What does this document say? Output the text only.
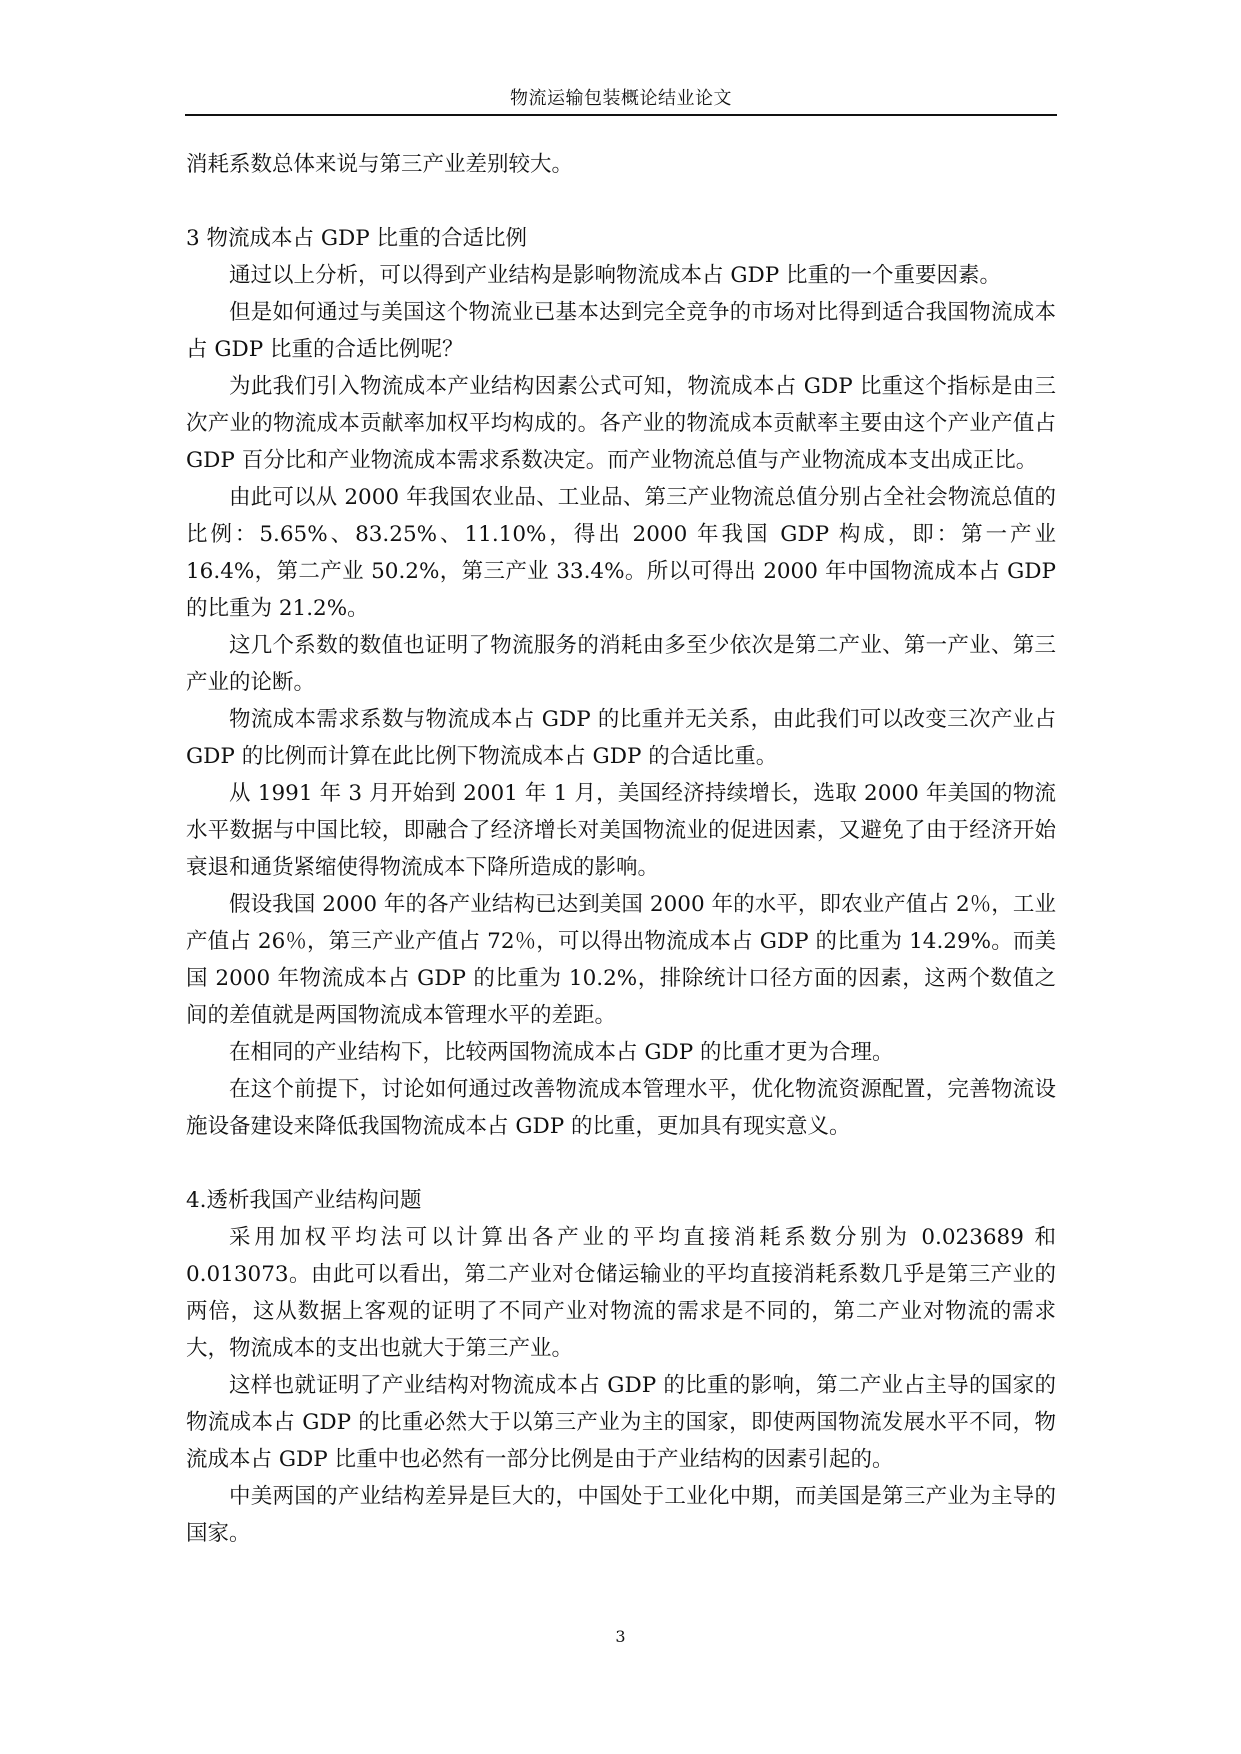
物流运输包装概论结业论文

消耗系数总体来说与第三产业差别较大。

3 物流成本占 GDP 比重的合适比例

通过以上分析，可以得到产业结构是影响物流成本占 GDP 比重的一个重要因素。

但是如何通过与美国这个物流业已基本达到完全竞争的市场对比得到适合我国物流成本占 GDP 比重的合适比例呢？

为此我们引入物流成本产业结构因素公式可知，物流成本占 GDP 比重这个指标是由三次产业的物流成本贡献率加权平均构成的。各产业的物流成本贡献率主要由这个产业产值占 GDP 百分比和产业物流成本需求系数决定。而产业物流总值与产业物流成本支出成正比。

由此可以从 2000 年我国农业品、工业品、第三产业物流总值分别占全社会物流总值的比例：5.65%、83.25%、11.10%，得出 2000 年我国 GDP 构成，即：第一产业 16.4%，第二产业 50.2%，第三产业 33.4%。所以可得出 2000 年中国物流成本占 GDP 的比重为 21.2%。

这几个系数的数值也证明了物流服务的消耗由多至少依次是第二产业、第一产业、第三产业的论断。

物流成本需求系数与物流成本占 GDP 的比重并无关系，由此我们可以改变三次产业占 GDP 的比例而计算在此比例下物流成本占 GDP 的合适比重。

从 1991 年 3 月开始到 2001 年 1 月，美国经济持续增长，选取 2000 年美国的物流水平数据与中国比较，即融合了经济增长对美国物流业的促进因素，又避免了由于经济开始衰退和通货紧缩使得物流成本下降所造成的影响。

假设我国 2000 年的各产业结构已达到美国 2000 年的水平，即农业产值占 2％，工业产值占 26％，第三产业产值占 72％，可以得出物流成本占 GDP 的比重为 14.29%。而美国 2000 年物流成本占 GDP 的比重为 10.2%，排除统计口径方面的因素，这两个数值之间的差值就是两国物流成本管理水平的差距。

在相同的产业结构下，比较两国物流成本占 GDP 的比重才更为合理。

在这个前提下，讨论如何通过改善物流成本管理水平，优化物流资源配置，完善物流设施设备建设来降低我国物流成本占 GDP 的比重，更加具有现实意义。

4.透析我国产业结构问题

采用加权平均法可以计算出各产业的平均直接消耗系数分别为 0.023689 和 0.013073。由此可以看出，第二产业对仓储运输业的平均直接消耗系数几乎是第三产业的两倍，这从数据上客观的证明了不同产业对物流的需求是不同的，第二产业对物流的需求大，物流成本的支出也就大于第三产业。

这样也就证明了产业结构对物流成本占 GDP 的比重的影响，第二产业占主导的国家的物流成本占 GDP 的比重必然大于以第三产业为主的国家，即使两国物流发展水平不同，物流成本占 GDP 比重中也必然有一部分比例是由于产业结构的因素引起的。

中美两国的产业结构差异是巨大的，中国处于工业化中期，而美国是第三产业为主导的国家。

3
